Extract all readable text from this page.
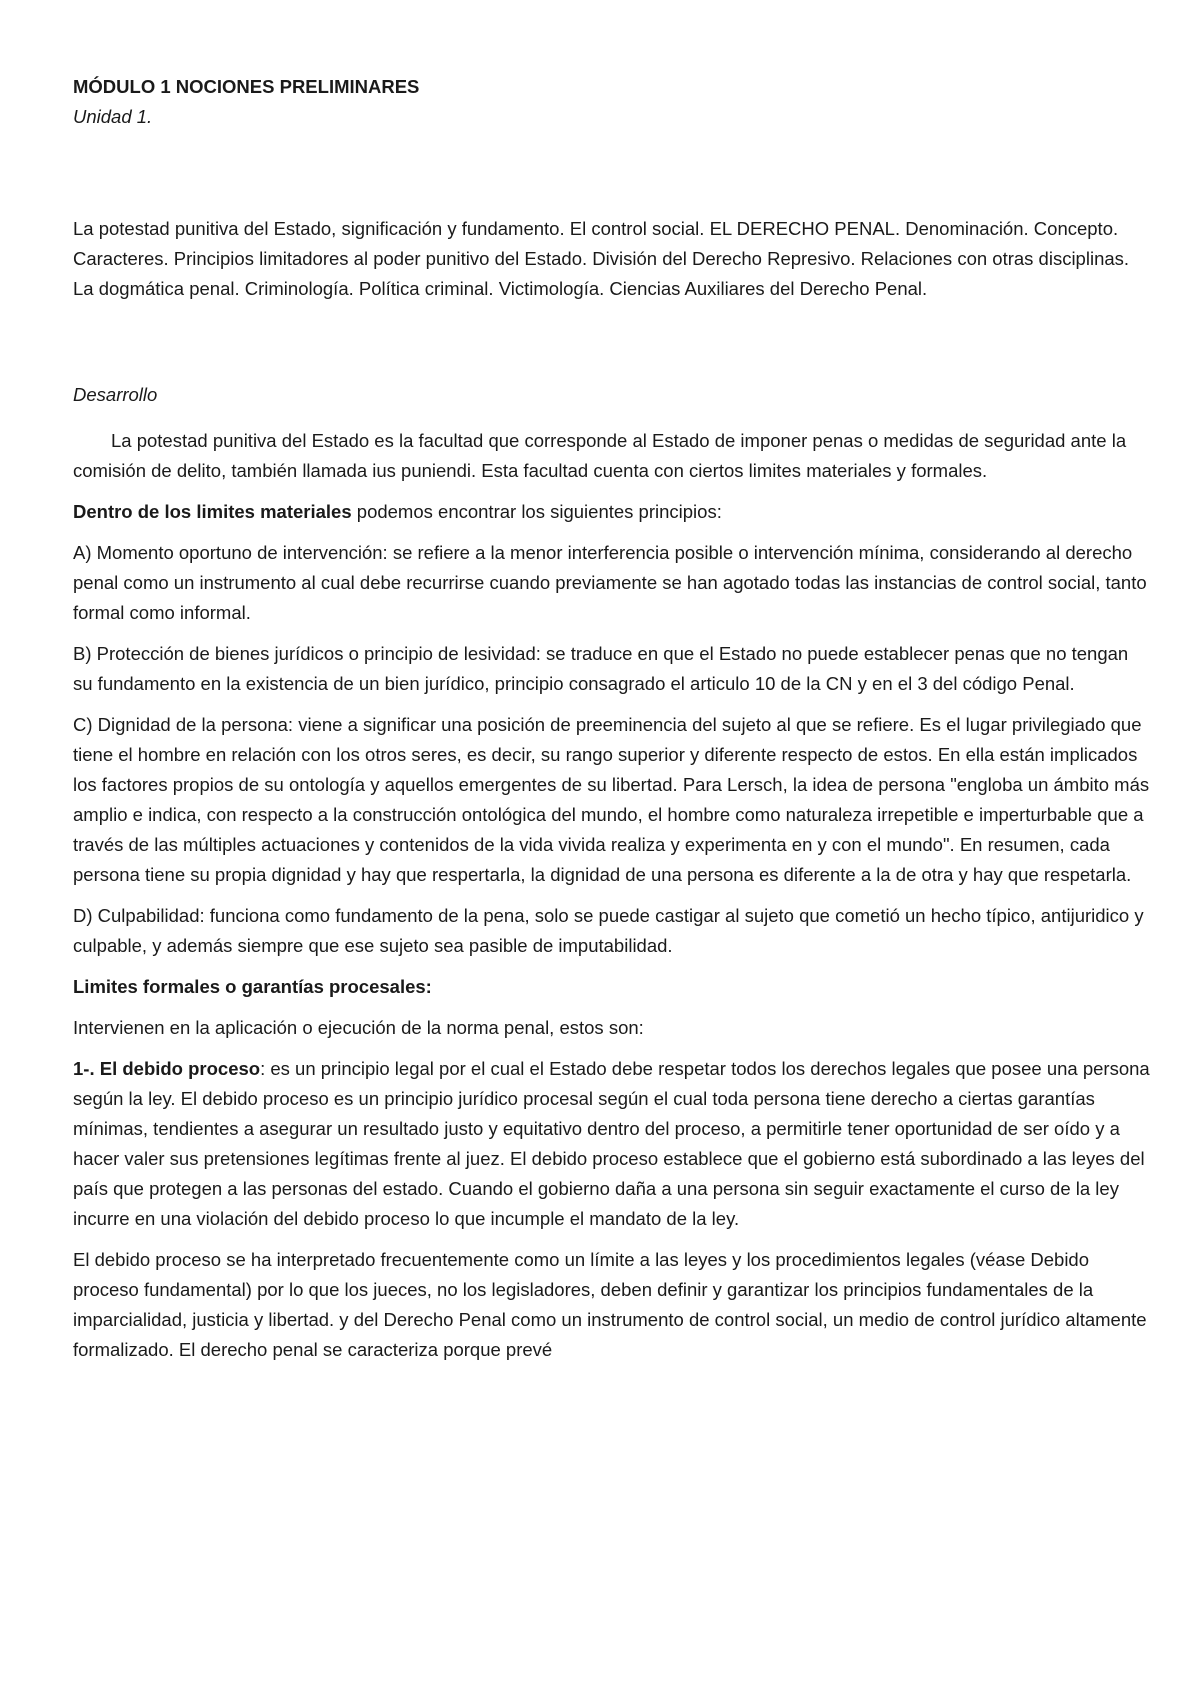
MÓDULO 1 NOCIONES PRELIMINARES

Unidad 1.

La potestad punitiva del Estado, significación y fundamento. El control social. EL DERECHO PENAL. Denominación. Concepto. Caracteres. Principios limitadores al poder punitivo del Estado. División del Derecho Represivo. Relaciones con otras disciplinas. La dogmática penal. Criminología. Política criminal. Victimología. Ciencias Auxiliares del Derecho Penal.

Desarrollo

La potestad punitiva del Estado es la facultad que corresponde al Estado de imponer penas o medidas de seguridad ante la comisión de delito, también llamada ius puniendi. Esta facultad cuenta con ciertos limites materiales y formales.

Dentro de los limites materiales podemos encontrar los siguientes principios:

A) Momento oportuno de intervención: se refiere a la menor interferencia posible o intervención mínima, considerando al derecho penal como un instrumento al cual debe recurrirse cuando previamente se han agotado todas las instancias de control social, tanto formal como informal.

B) Protección de bienes jurídicos o principio de lesividad: se traduce en que el Estado no puede establecer penas que no tengan su fundamento en la existencia de un bien jurídico, principio consagrado el articulo 10 de la CN y en el 3 del código Penal.

C) Dignidad de la persona: viene a significar una posición de preeminencia del sujeto al que se refiere. Es el lugar privilegiado que tiene el hombre en relación con los otros seres, es decir, su rango superior y diferente respecto de estos. En ella están implicados los factores propios de su ontología y aquellos emergentes de su libertad. Para Lersch, la idea de persona "engloba un ámbito más amplio e indica, con respecto a la construcción ontológica del mundo, el hombre como naturaleza irrepetible e imperturbable que a través de las múltiples actuaciones y contenidos de la vida vivida realiza y experimenta en y con el mundo". En resumen, cada persona tiene su propia dignidad y hay que respertarla, la dignidad de una persona es diferente a la de otra y hay que respetarla.

D) Culpabilidad: funciona como fundamento de la pena, solo se puede castigar al sujeto que cometió un hecho típico, antijuridico y culpable, y además siempre que ese sujeto sea pasible de imputabilidad.

Limites formales o garantías procesales:

Intervienen en la aplicación o ejecución de la norma penal, estos son:

1-. El debido proceso: es un principio legal por el cual el Estado debe respetar todos los derechos legales que posee una persona según la ley. El debido proceso es un principio jurídico procesal según el cual toda persona tiene derecho a ciertas garantías mínimas, tendientes a asegurar un resultado justo y equitativo dentro del proceso, a permitirle tener oportunidad de ser oído y a hacer valer sus pretensiones legítimas frente al juez. El debido proceso establece que el gobierno está subordinado a las leyes del país que protegen a las personas del estado. Cuando el gobierno daña a una persona sin seguir exactamente el curso de la ley incurre en una violación del debido proceso lo que incumple el mandato de la ley.

El debido proceso se ha interpretado frecuentemente como un límite a las leyes y los procedimientos legales (véase Debido proceso fundamental) por lo que los jueces, no los legisladores, deben definir y garantizar los principios fundamentales de la imparcialidad, justicia y libertad. y del Derecho Penal como un instrumento de control social, un medio de control jurídico altamente formalizado. El derecho penal se caracteriza porque prevé
